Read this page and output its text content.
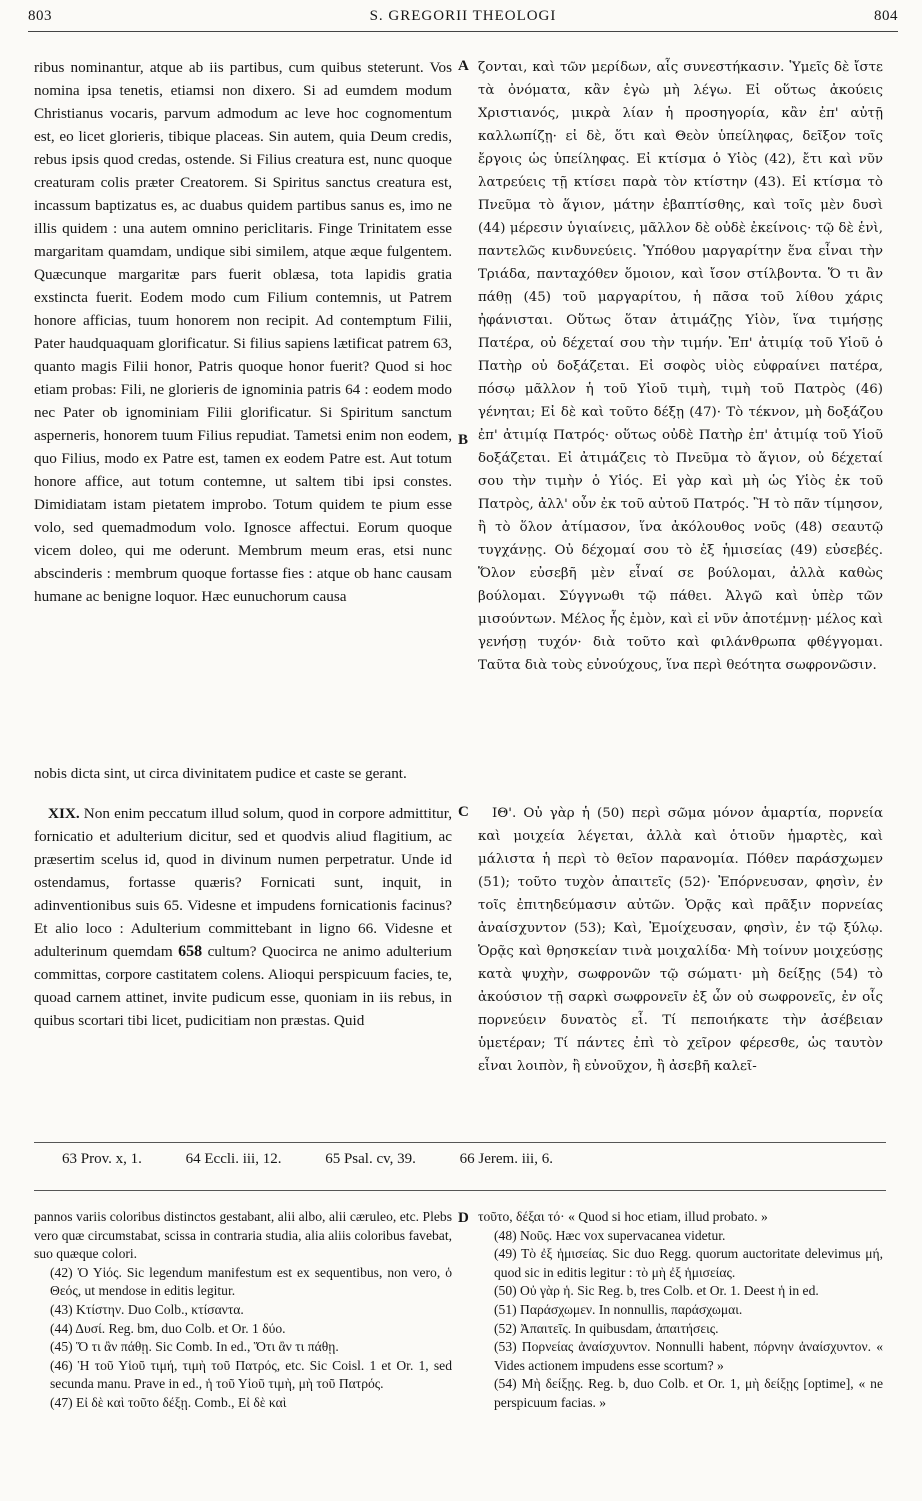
803	S. GREGORII THEOLOGI	804

ribus nominantur, atque ab iis partibus, cum quibus steterunt. Vos nomina ipsa tenetis, etiamsi non dixero. Si ad eumdem modum Christianus vocaris, parvum admodum ac leve hoc cognomentum est, eo licet glorieris, tibique placeas. Sin autem, quia Deum credis, rebus ipsis quod credas, ostende. Si Filius creatura est, nunc quoque creaturam colis præter Creatorem. Si Spiritus sanctus creatura est, incassum baptizatus es, ac duabus quidem partibus sanus es, imo ne illis quidem : una autem omnino periclitaris. Finge Trinitatem esse margaritam quamdam, undique sibi similem, atque æque fulgentem. Quæcunque margaritæ pars fuerit oblæsa, tota lapidis gratia exstincta fuerit. Eodem modo cum Filium contemnis, ut Patrem honore afficias, tuum honorem non recipit. Ad contemptum Filii, Pater haudquaquam glorificatur. Si filius sapiens lætificat patrem 63, quanto magis Filii honor, Patris quoque honor fuerit? Quod si hoc etiam probas: Fili, ne glorieris de ignominia patris 64 : eodem modo nec Pater ob ignominiam Filii glorificatur. Si Spiritum sanctum asperneris, honorem tuum Filius repudiat. Tametsi enim non eodem, quo Filius, modo ex Patre est, tamen ex eodem Patre est. Aut totum honore affice, aut totum contemne, ut saltem tibi ipsi constes. Dimidiatam istam pietatem improbo. Totum quidem te pium esse volo, sed quemadmodum volo. Ignosce affectui. Eorum quoque vicem doleo, qui me oderunt. Membrum meum eras, etsi nunc abscinderis : membrum quoque fortasse fies : atque ob hanc causam humane ac benigne loquor. Hæc eunuchorum causa

A
B

ζονται, καὶ τῶν μερίδων, αἷς συνεστήκασιν. Ὑμεῖς δὲ ἴστε τὰ ὀνόματα, κἂν ἐγὼ μὴ λέγω. Εἰ οὕτως ἀκούεις Χριστιανός, μικρὰ λίαν ἡ προσηγορία, κἂν ἐπ' αὐτῇ καλλωπίζῃ· εἰ δὲ, ὅτι καὶ Θεὸν ὑπείληφας, δεῖξον τοῖς ἔργοις ὡς ὑπείληφας. Εἰ κτίσμα ὁ Υἱὸς (42), ἔτι καὶ νῦν λατρεύεις τῇ κτίσει παρὰ τὸν κτίστην (43). Εἰ κτίσμα τὸ Πνεῦμα τὸ ἅγιον, μάτην ἐβαπτίσθης, καὶ τοῖς μὲν δυσὶ (44) μέρεσιν ὑγιαίνεις, μᾶλλον δὲ οὐδὲ ἐκείνοις· τῷ δὲ ἑνὶ, παντελῶς κινδυνεύεις. Ὑπόθου μαργαρίτην ἕνα εἶναι τὴν Τριάδα, πανταχόθεν ὅμοιον, καὶ ἴσον στίλβοντα. Ὅ τι ἂν πάθῃ (45) τοῦ μαργαρίτου, ἡ πᾶσα τοῦ λίθου χάρις ἠφάνισται. Οὕτως ὅταν ἀτιμάζῃς Υἱὸν, ἵνα τιμήσῃς Πατέρα, οὐ δέχεταί σου τὴν τιμήν. Ἐπ' ἀτιμίᾳ τοῦ Υἱοῦ ὁ Πατὴρ οὐ δοξάζεται. Εἰ σοφὸς υἱὸς εὐφραίνει πατέρα, πόσῳ μᾶλλον ἡ τοῦ Υἱοῦ τιμὴ, τιμὴ τοῦ Πατρὸς (46) γένηται; Εἰ δὲ καὶ τοῦτο δέξῃ (47)· Τὸ τέκνον, μὴ δοξάζου ἐπ' ἀτιμίᾳ Πατρός· οὕτως οὐδὲ Πατὴρ ἐπ' ἀτιμίᾳ τοῦ Υἱοῦ δοξάζεται. Εἰ ἀτιμάζεις τὸ Πνεῦμα τὸ ἅγιον, οὐ δέχεταί σου τὴν τιμὴν ὁ Υἱός. Εἰ γὰρ καὶ μὴ ὡς Υἱὸς ἐκ τοῦ Πατρὸς, ἀλλ' οὖν ἐκ τοῦ αὐτοῦ Πατρός. Ἢ τὸ πᾶν τίμησον, ἢ τὸ ὅλον ἀτίμασον, ἵνα ἀκόλουθος νοῦς (48) σεαυτῷ τυγχάνῃς. Οὐ δέχομαί σου τὸ ἐξ ἡμισείας (49) εὐσεβές. Ὅλον εὐσεβῆ μὲν εἶναί σε βούλομαι, ἀλλὰ καθὼς βούλομαι. Σύγγνωθι τῷ πάθει. Ἀλγῶ καὶ ὑπὲρ τῶν μισούντων. Μέλος ἧς ἐμὸν, καὶ εἰ νῦν ἀποτέμνῃ· μέλος καὶ γενήσῃ τυχόν· διὰ τοῦτο καὶ φιλάνθρωπα φθέγγομαι. Ταῦτα διὰ τοὺς εὐνούχους, ἵνα περὶ θεότητα σωφρονῶσιν.

nobis dicta sint, ut circa divinitatem pudice et caste se gerant.

XIX. Non enim peccatum illud solum, quod in corpore admittitur, fornicatio et adulterium dicitur, sed et quodvis aliud flagitium, ac præsertim scelus id, quod in divinum numen perpetratur. Unde id ostendamus, fortasse quæris? Fornicati sunt, inquit, in adinventionibus suis 65. Videsne et impudens fornicationis facinus? Et alio loco : Adulterium committebant in ligno 66. Videsne et adulterinum quemdam 658 cultum? Quocirca ne animo adulterium committas, corpore castitatem colens. Alioqui perspicuum facies, te, quoad carnem attinet, invite pudicum esse, quoniam in iis rebus, in quibus scortari tibi licet, pudicitiam non præstas. Quid

C	ΙΘ'. Οὐ γὰρ ἡ (50) περὶ σῶμα μόνον ἁμαρτία, πορνεία καὶ μοιχεία λέγεται, ἀλλὰ καὶ ὁτιοῦν ἡμαρτὲς, καὶ μάλιστα ἡ περὶ τὸ θεῖον παρανομία. Πόθεν παράσχωμεν (51); τοῦτο τυχὸν ἀπαιτεῖς (52)· Ἐπόρνευσαν, φησὶν, ἐν τοῖς ἐπιτηδεύμασιν αὐτῶν. Ὁρᾷς καὶ πρᾶξιν πορνείας ἀναίσχυντον (53); Καὶ, Ἐμοίχευσαν, φησὶν, ἐν τῷ ξύλῳ. Ὁρᾷς καὶ θρησκείαν τινὰ μοιχαλίδα· Μὴ τοίνυν μοιχεύσῃς κατὰ ψυχὴν, σωφρονῶν τῷ σώματι· μὴ δείξῃς (54) τὸ ἀκούσιον τῇ σαρκὶ σωφρονεῖν ἐξ ὧν οὐ σωφρονεῖς, ἐν οἷς πορνεύειν δυνατὸς εἶ. Τί πεποιήκατε τὴν ἀσέβειαν ὑμετέραν; Τί πάντες ἐπὶ τὸ χεῖρον φέρεσθε, ὡς ταυτὸν εἶναι λοιπὸν, ἢ εὐνοῦχον, ἢ ἀσεβῆ καλεῖ-

63 Prov. x, 1.	64 Eccli. iii, 12.	65 Psal. cv, 39.	66 Jerem. iii, 6.
D

pannos variis coloribus distinctos gestabant, alii albo, alii cæruleo, etc. Plebs vero quæ circumstabat, scissa in contraria studia, alia aliis coloribus favebat, suo quæque colori.

(42) Ὁ Υἱός. Sic legendum manifestum est ex sequentibus, non vero, ὁ Θεός, ut mendose in editis legitur.

(43) Κτίστην. Duo Colb., κτίσαντα.

(44) Δυσί. Reg. bm, duo Colb. et Or. 1 δύο.

(45) Ὅ τι ἂν πάθῃ. Sic Comb. In ed., Ὅτι ἂν τι πάθῃ.

(46) Ἡ τοῦ Υἱοῦ τιμή, τιμὴ τοῦ Πατρός, etc. Sic Coisl. 1 et Or. 1, sed secunda manu. Prave in ed., ἡ τοῦ Υἱοῦ τιμὴ, μὴ τοῦ Πατρός.

(47) Εἰ δὲ καὶ τοῦτο δέξῃ. Comb., Εἰ δὲ καὶ

τοῦτο, δέξαι τό· « Quod si hoc etiam, illud probato. »

(48) Νοῦς. Hæc vox supervacanea videtur.

(49) Τὸ ἐξ ἡμισείας. Sic duo Regg. quorum auctoritate delevimus μή, quod sic in editis legitur : τὸ μὴ ἐξ ἡμισείας.

(50) Οὐ γὰρ ἡ. Sic Reg. b, tres Colb. et Or. 1. Deest ἡ in ed.

(51) Παράσχωμεν. In nonnullis, παράσχωμαι.

(52) Ἀπαιτεῖς. In quibusdam, ἀπαιτήσεις.

(53) Πορνείας ἀναίσχυντον. Nonnulli habent, πόρνην ἀναίσχυντον. « Vides actionem impudens esse scortum? »

(54) Μὴ δείξῃς. Reg. b, duo Colb. et Or. 1, μὴ δείξῃς [optime], « ne perspicuum facias. »
